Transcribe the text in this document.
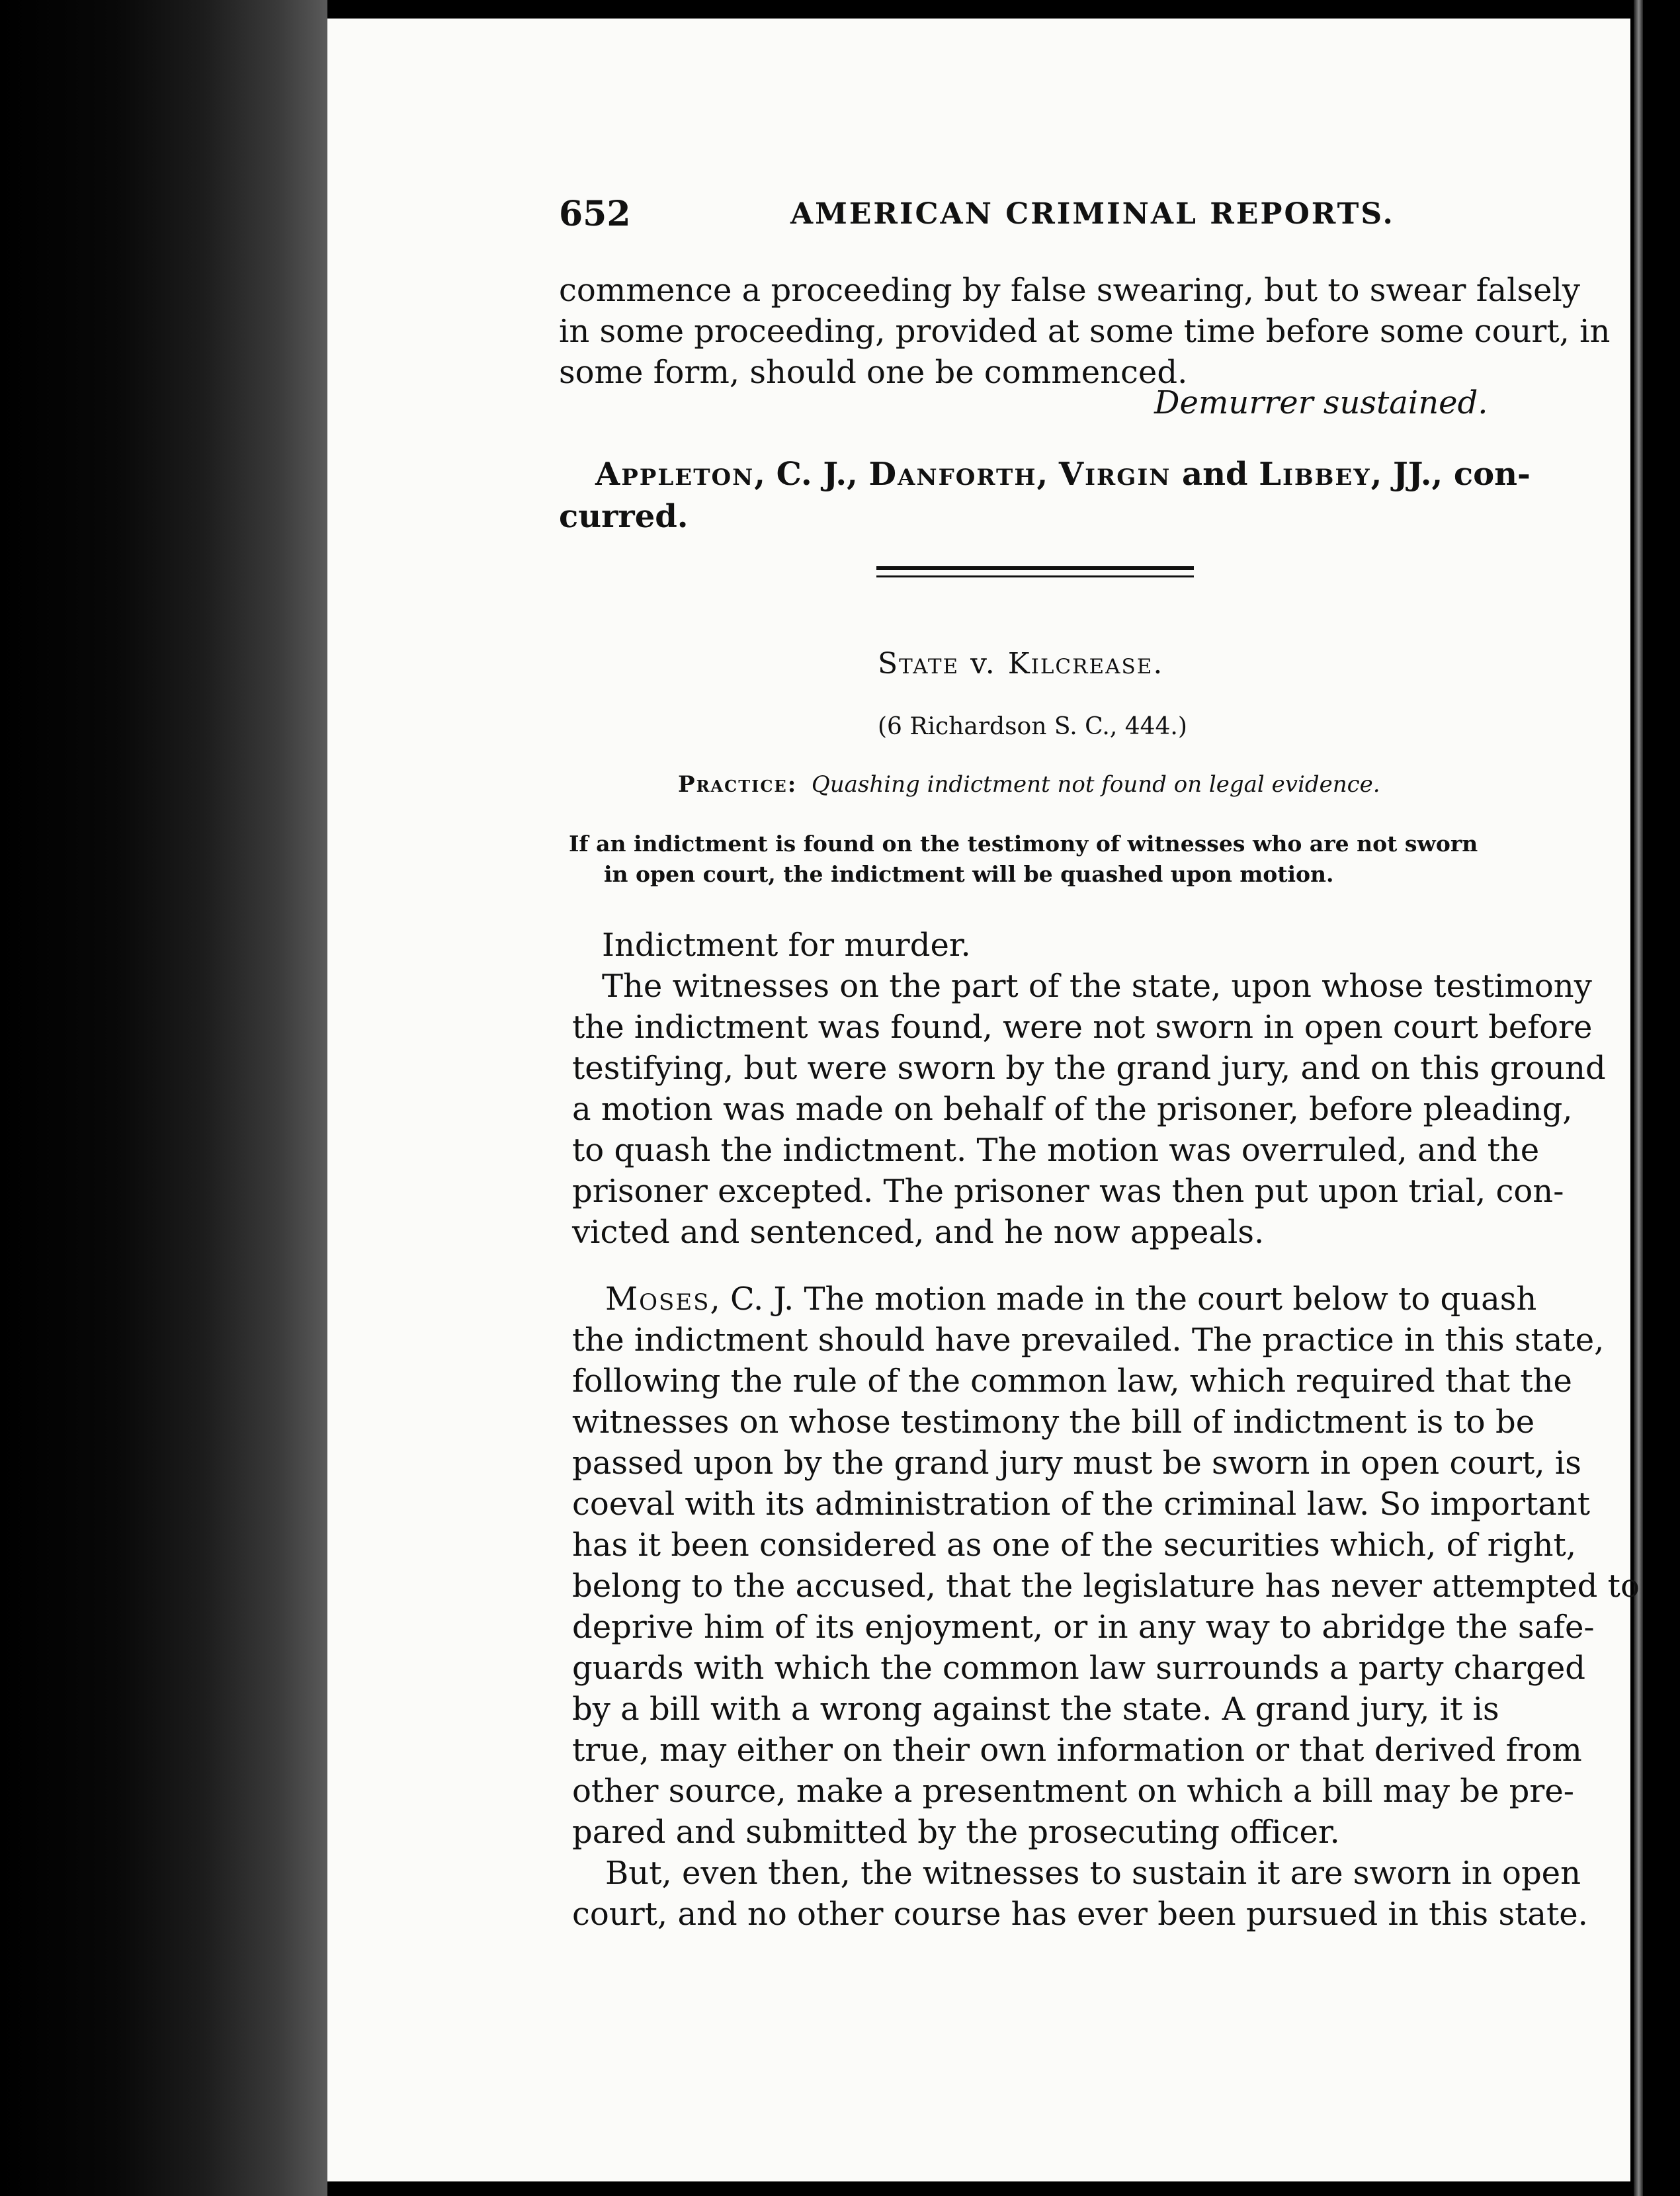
652	AMERICAN CRIMINAL REPORTS.
commence a proceeding by false swearing, but to swear falsely
in some proceeding, provided at some time before some court, in
some form, should one be commenced.
Demurrer sustained.
Appleton, C. J., Danforth, Virgin and Libbey, JJ., con-
curred.
State v. Kilcrease.
(6 Richardson S. C., 444.)
Practice: Quashing indictment not found on legal evidence.
If an indictment is found on the testimony of witnesses who are not sworn
in open court, the indictment will be quashed upon motion.
Indictment for murder.
The witnesses on the part of the state, upon whose testimony
the indictment was found, were not sworn in open court before
testifying, but were sworn by the grand jury, and on this ground
a motion was made on behalf of the prisoner, before pleading,
to quash the indictment. The motion was overruled, and the
prisoner excepted. The prisoner was then put upon trial, con-
victed and sentenced, and he now appeals.
Moses, C. J. The motion made in the court below to quash
the indictment should have prevailed. The practice in this state,
following the rule of the common law, which required that the
witnesses on whose testimony the bill of indictment is to be
passed upon by the grand jury must be sworn in open court, is
coeval with its administration of the criminal law. So important
has it been considered as one of the securities which, of right,
belong to the accused, that the legislature has never attempted to
deprive him of its enjoyment, or in any way to abridge the safe-
guards with which the common law surrounds a party charged
by a bill with a wrong against the state. A grand jury, it is
true, may either on their own information or that derived from
other source, make a presentment on which a bill may be pre-
pared and submitted by the prosecuting officer.
But, even then, the witnesses to sustain it are sworn in open
court, and no other course has ever been pursued in this state.
